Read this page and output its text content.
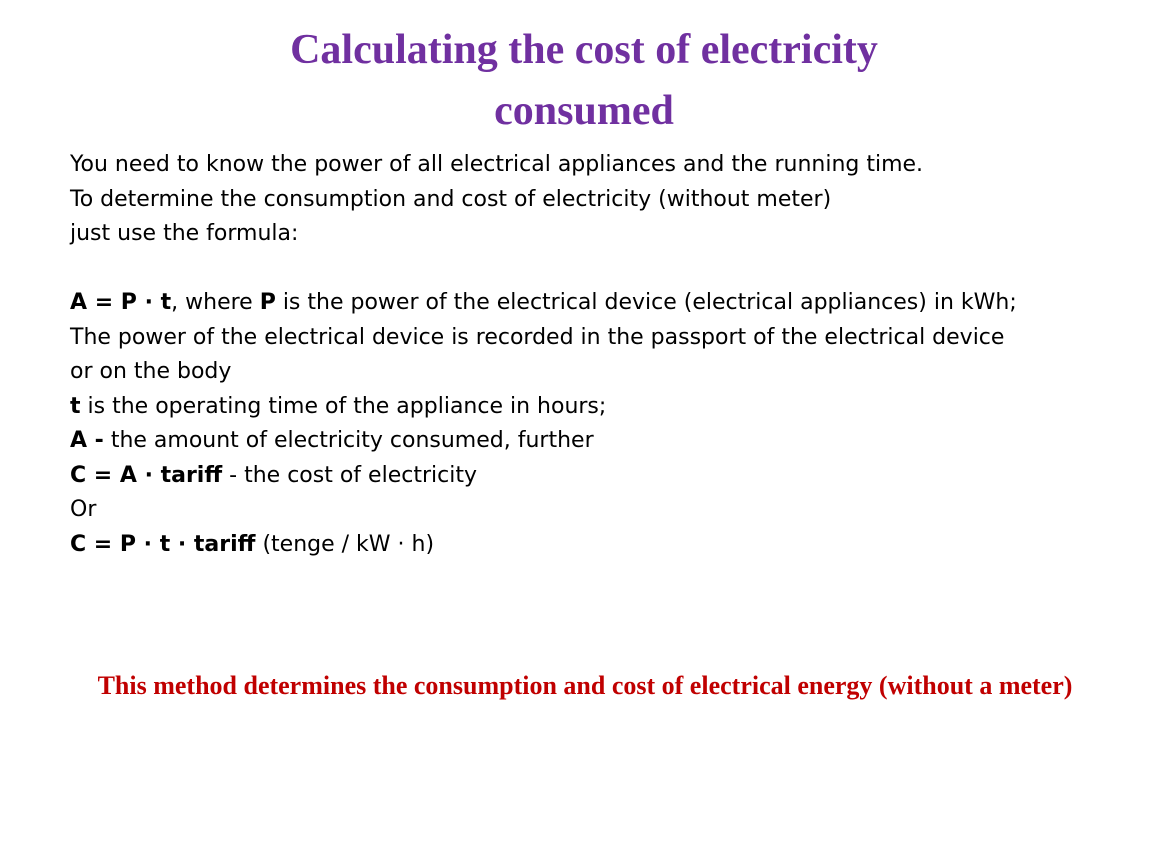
Calculating the cost of electricity
consumed
You need to know the power of all electrical appliances and the running time.
To determine the consumption and cost of electricity (without meter)
just use the formula:
A = P · t, where P is the power of the electrical device (electrical appliances) in kWh;
The power of the electrical device is recorded in the passport of the electrical device
or on the body
t is the operating time of the appliance in hours;
A - the amount of electricity consumed, further
C = A · tariff - the cost of electricity
Or
C = P · t · tariff (tenge / kW · h)
This method determines the consumption and cost of electrical energy (without a meter)
